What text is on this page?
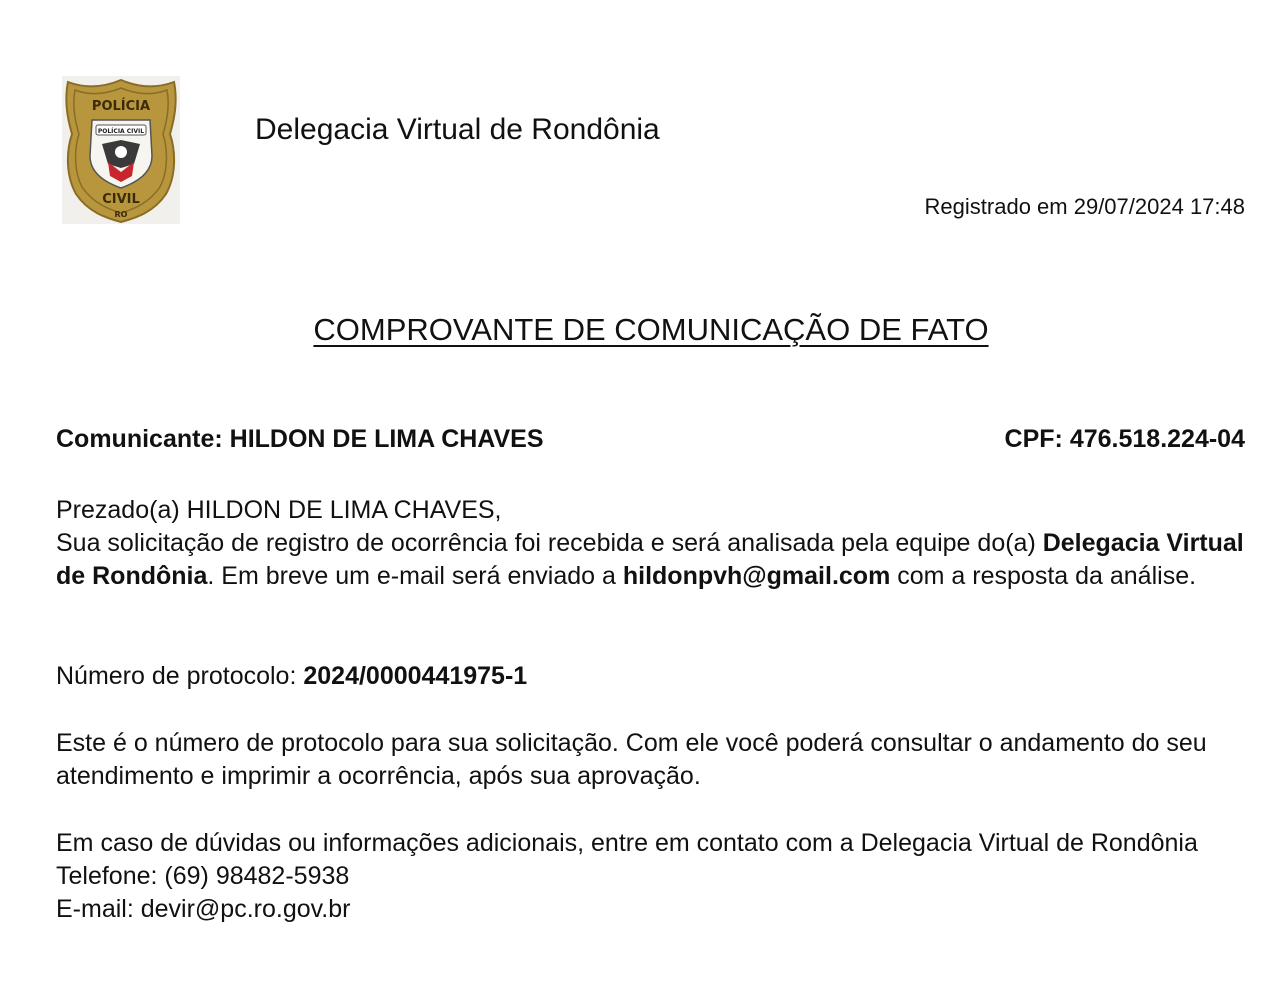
POLÍCIA
POLÍCIA CIVIL
CIVIL
RO
Delegacia Virtual de Rondônia
Registrado em 29/07/2024 17:48
COMPROVANTE DE COMUNICAÇÃO DE FATO
Comunicante: HILDON DE LIMA CHAVES	CPF: 476.518.224-04

Prezado(a) HILDON DE LIMA CHAVES,

Sua solicitação de registro de ocorrência foi recebida e será analisada pela equipe do(a) Delegacia Virtual de Rondônia. Em breve um e-mail será enviado a hildonpvh@gmail.com com a resposta da análise.

Número de protocolo: 2024/0000441975-1
Este é o número de protocolo para sua solicitação. Com ele você poderá consultar o andamento do seu atendimento e imprimir a ocorrência, após sua aprovação.

Em caso de dúvidas ou informações adicionais, entre em contato com a Delegacia Virtual de Rondônia

Telefone: (69) 98482-5938

E-mail: devir@pc.ro.gov.br
